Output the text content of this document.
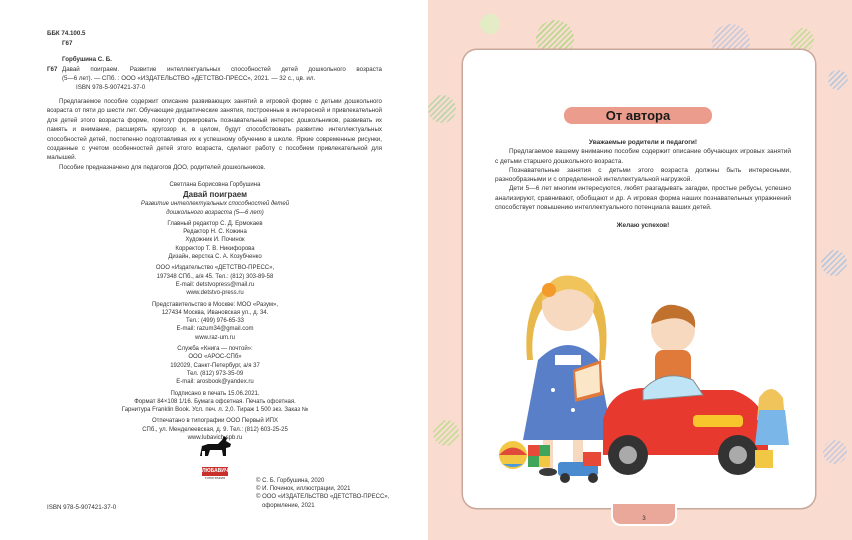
ББК 74.100.5
Г67
Горбушина С. Б.
Г67 Давай поиграем. Развитие интеллектуальных способностей детей дошкольного возраста
(5—6 лет). — СПб. : ООО «ИЗДАТЕЛЬСТВО «ДЕТСТВО-ПРЕСС», 2021. — 32 с., цв. ил.
ISBN 978-5-907421-37-0
Предлагаемое пособие содержит описание развивающих занятий в игровой форме с детьми дошкольного возраста от пяти до шести лет. Обучающие дидактические занятия, построенные в интересной и привлекательной для детей этого возраста форме, помогут формировать познавательный интерес дошкольников, развивать их память и внимание, расширять кругозор и, в целом, будут способствовать развитию интеллектуальных способностей детей, постепенно подготавливая их к успешному обучению в школе. Яркие современные рисунки, созданные с учетом особенностей детей этого возраста, сделают работу с пособием привлекательной для малышей.
Пособие предназначено для педагогов ДОО, родителей дошкольников.
Светлана Борисовна Горбушина
Давай поиграем
Развитие интеллектуальных способностей детей
дошкольного возраста (5—6 лет)
Главный редактор С. Д. Ермокаев
Редактор Н. С. Кожина
Художник И. Починок
Корректор Т. В. Никифорова
Дизайн, верстка С. А. Козубченко
ООО «Издательство «ДЕТСТВО-ПРЕСС»,
197348 СПб., а/я 45. Тел.: (812) 303-89-58
E-mail: detstvopress@mail.ru
www.detstvo-press.ru
Представительство в Москве: МОО «Разум»,
127434 Москва, Ивановская ул., д. 34.
Тел.: (499) 976-65-33
E-mail: razum34@gmail.com
www.raz-um.ru
Служба «Книга — почтой»:
ООО «АРОС-СПб»
192029, Санкт-Петербург, а/я 37
Тел. (812) 973-35-09
E-mail: arosbook@yandex.ru
Подписано в печать 15.06.2021.
Формат 84×108 1/16. Бумага офсетная. Печать офсетная.
Гарнитура Franklin Book. Усл. печ. л. 2,0. Тираж 1 500 экз. Заказ №
Отпечатано в типографии ООО Первый ИПХ
СПб., ул. Менделеевская, д. 9. Тел.: (812) 603-25-25
www.lubavich.spb.ru
ЛЮБАВИЧ
ТИПОГРАФИЯ
ISBN 978-5-907421-37-0
© С. Б. Горбушина, 2020
© И. Починок, иллюстрации, 2021
© ООО «ИЗДАТЕЛЬСТВО «ДЕТСТВО-ПРЕСС»,
оформление, 2021
От автора
Уважаемые родители и педагоги!

Предлагаемое вашему вниманию пособие содержит описание обучающих игровых занятий с детьми старшего дошкольного возраста.

Познавательные занятия с детьми этого возраста должны быть интересными, разнообразными и с определенной интеллектуальной нагрузкой.

Дети 5—6 лет многим интересуются, любят разгадывать загадки, простые ребусы, успешно анализируют, сравнивают, обобщают и др. А игровая форма наших познавательных упражнений способствует повышению интеллектуального потенциала ваших детей.

Желаю успехов!
3
